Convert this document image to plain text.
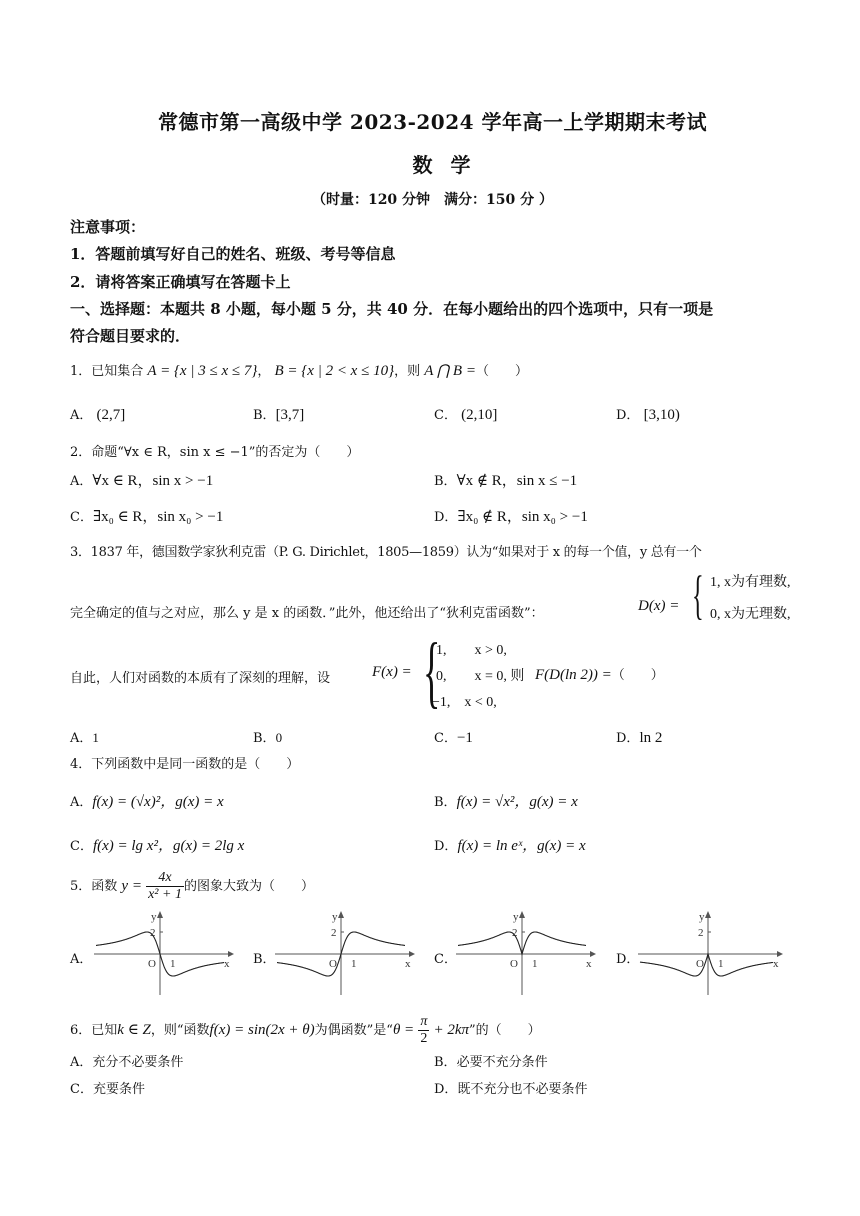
常德市第一高级中学 2023-2024 学年高一上学期期末考试
数学
（时量：120 分钟　满分：150 分 ）
注意事项：
1．答题前填写好自己的姓名、班级、考号等信息
2．请将答案正确填写在答题卡上
一、选择题：本题共 8 小题，每小题 5 分，共 40 分．在每小题给出的四个选项中，只有一项是
符合题目要求的．
1．已知集合 A = {x | 3 ≤ x ≤ 7}， B = {x | 2 < x ≤ 10}，则 A ⋂ B =（　　）
A． (2,7]	B．[3,7]	C． (2,10]	D． [3,10)
2．命题“∀x ∈ R，sin x ≤ −1”的否定为（　　）
A．∀x ∈ R，sin x > −1	B．∀x ∉ R，sin x ≤ −1
C．∃x₀ ∈ R，sin x₀ > −1	D．∃x₀ ∉ R，sin x₀ > −1
3．1837 年，德国数学家狄利克雷（P. G. Dirichlet，1805—1859）认为“如果对于 x 的每一个值，y 总有一个
完全确定的值与之对应，那么 y 是 x 的函数．”此外，他还给出了“狄利克雷函数”：	D(x) = { 1, x为有理数,
0, x为无理数,
自此，人们对函数的本质有了深刻的理解，设	F(x) = {
1,　　x > 0,
0,　　x = 0, 则
−1,　x < 0,
F(D(ln 2)) =（　　）
A．1	B．0	C．−1	D．ln 2
4．下列函数中是同一函数的是（　　）
A．f(x) = (√x)²，g(x) = x	B．f(x) = √x²，g(x) = x
C．f(x) = lg x²，g(x) = 2lg x	D．f(x) = ln eˣ，g(x) = x
5．函数 $y = \frac{4x}{\text{x² + 1}}$ 的图象大致为（　　）
A．	B．	C．	D．
y
x
O 1
2
y
x
O 1
2
y
x
O 1
2
y
x
O 1
2
6．已知k ∈ Z，则“函数f(x) = sin(2x + θ)为偶函数”是“$\theta = \frac{\pi}{2} + 2k\pi$”的（　　）
A．充分不必要条件	B．必要不充分条件
C．充要条件	D．既不充分也不必要条件
